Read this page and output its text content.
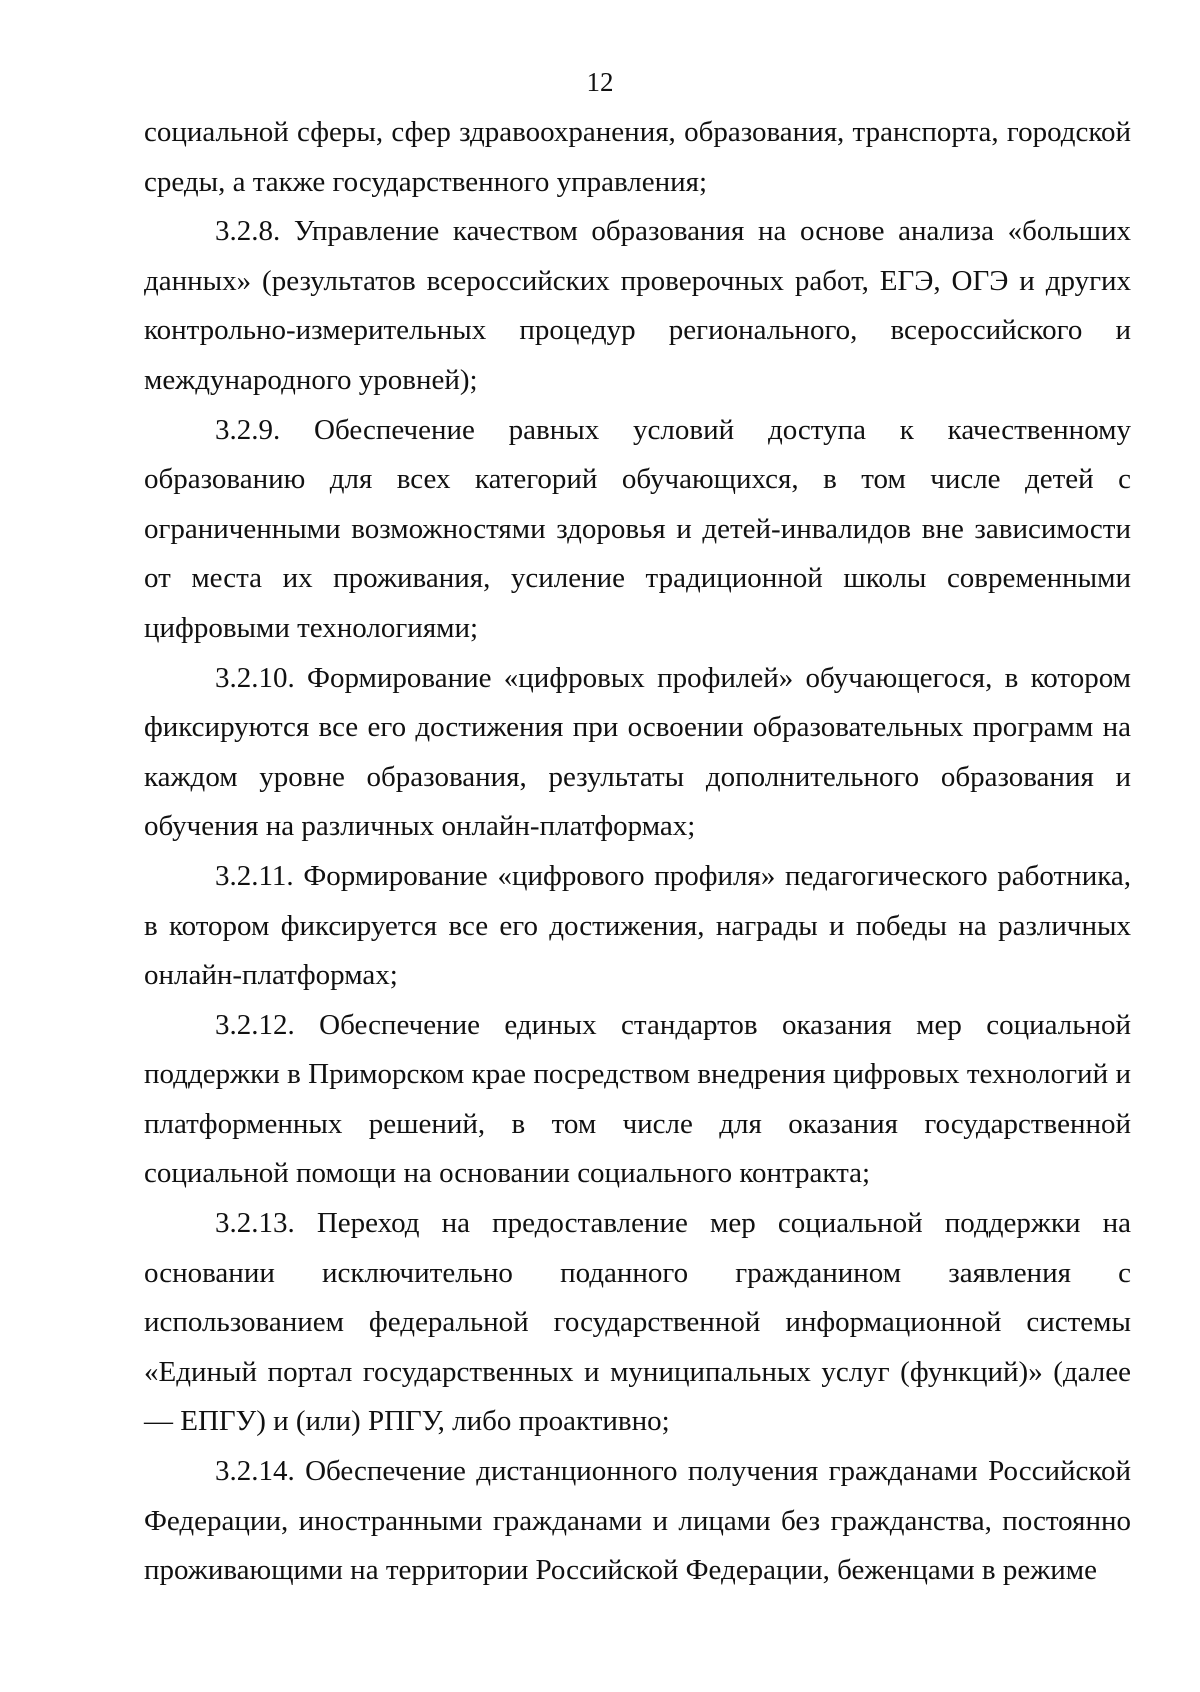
12

социальной сферы, сфер здравоохранения, образования, транспорта, городской среды, а также государственного управления;

3.2.8. Управление качеством образования на основе анализа «больших данных» (результатов всероссийских проверочных работ, ЕГЭ, ОГЭ и других контрольно-измерительных процедур регионального, всероссийского и международного уровней);

3.2.9. Обеспечение равных условий доступа к качественному образованию для всех категорий обучающихся, в том числе детей с ограниченными возможностями здоровья и детей-инвалидов вне зависимости от места их проживания, усиление традиционной школы современными цифровыми технологиями;

3.2.10. Формирование «цифровых профилей» обучающегося, в котором фиксируются все его достижения при освоении образовательных программ на каждом уровне образования, результаты дополнительного образования и обучения на различных онлайн-платформах;

3.2.11. Формирование «цифрового профиля» педагогического работника, в котором фиксируется все его достижения, награды и победы на различных онлайн-платформах;

3.2.12. Обеспечение единых стандартов оказания мер социальной поддержки в Приморском крае посредством внедрения цифровых технологий и платформенных решений, в том числе для оказания государственной социальной помощи на основании социального контракта;

3.2.13. Переход на предоставление мер социальной поддержки на основании исключительно поданного гражданином заявления с использованием федеральной государственной информационной системы «Единый портал государственных и муниципальных услуг (функций)» (далее — ЕПГУ) и (или) РПГУ, либо проактивно;

3.2.14. Обеспечение дистанционного получения гражданами Российской Федерации, иностранными гражданами и лицами без гражданства, постоянно проживающими на территории Российской Федерации, беженцами в режиме
